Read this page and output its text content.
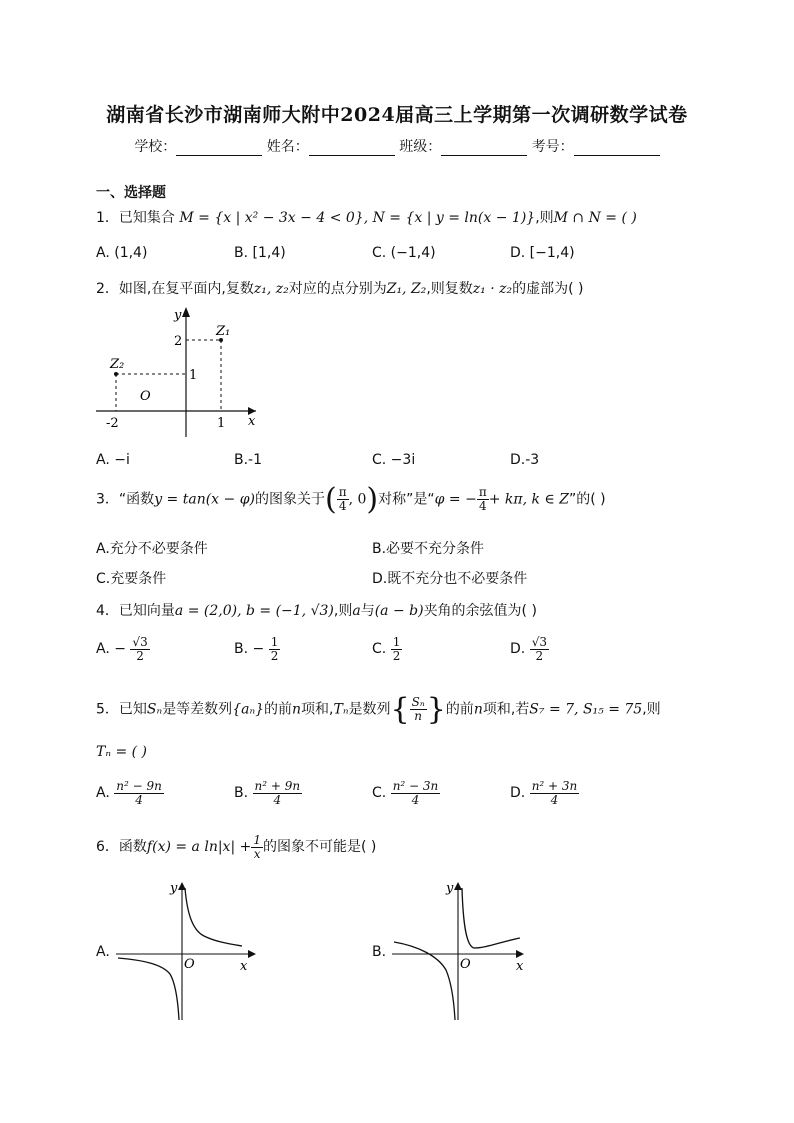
湖南省长沙市湖南师大附中2024届高三上学期第一次调研数学试卷
学校：	姓名：	班级：	考号：
一、选择题
1．已知集合 M = {x | x² − 3x − 4 < 0}, N = {x | y = ln(x − 1)},则M ∩ N = ( )
A. (1,4)	B. [1,4)	C. (−1,4)	D. [−1,4)
2．如图,在复平面内,复数z₁, z₂对应的点分别为Z₁, Z₂,则复数z₁ · z₂的虚部为( )
y
x
O
Z₁
Z₂
2
1
-2	1
A. −i	B.-1	C. −3i	D.-3
3．“函数y = tan(x − φ)的图象关于( $\frac{\pi}{4}$ , 0)对称”是“φ = − $\frac{\pi}{4} + k\pi$, k ∈ Z”的( )
A.充分不必要条件	B.必要不充分条件
C.充要条件	D.既不充分也不必要条件
4．已知向量a = (2,0), b = (−1, √3),则a与(a − b)夹角的余弦值为( )
A. − $\frac{√3}{2}$	B. − $\frac{1}{2}$	C. $\frac{1}{2}$	D. $\frac{√3}{2}$
5．已知Sₙ是等差数列{aₙ}的前n项和,Tₙ是数列{ $\frac{\text{Sₙ}}{n}$ }的前n项和,若S₇ = 7, S₁₅ = 75,则
Tₙ = ( )
A. $\frac{\text{n² − 9n}}{4}$	B. $\frac{\text{n² + 9n}}{4}$	C. $\frac{\text{n² − 3n}}{4}$	D. $\frac{\text{n² + 3n}}{4}$
6．函数f(x) = a $\ln|x| + \frac{1}{x}$ 的图象不可能是( )
A.
y
x
O
B.
y
x
O
